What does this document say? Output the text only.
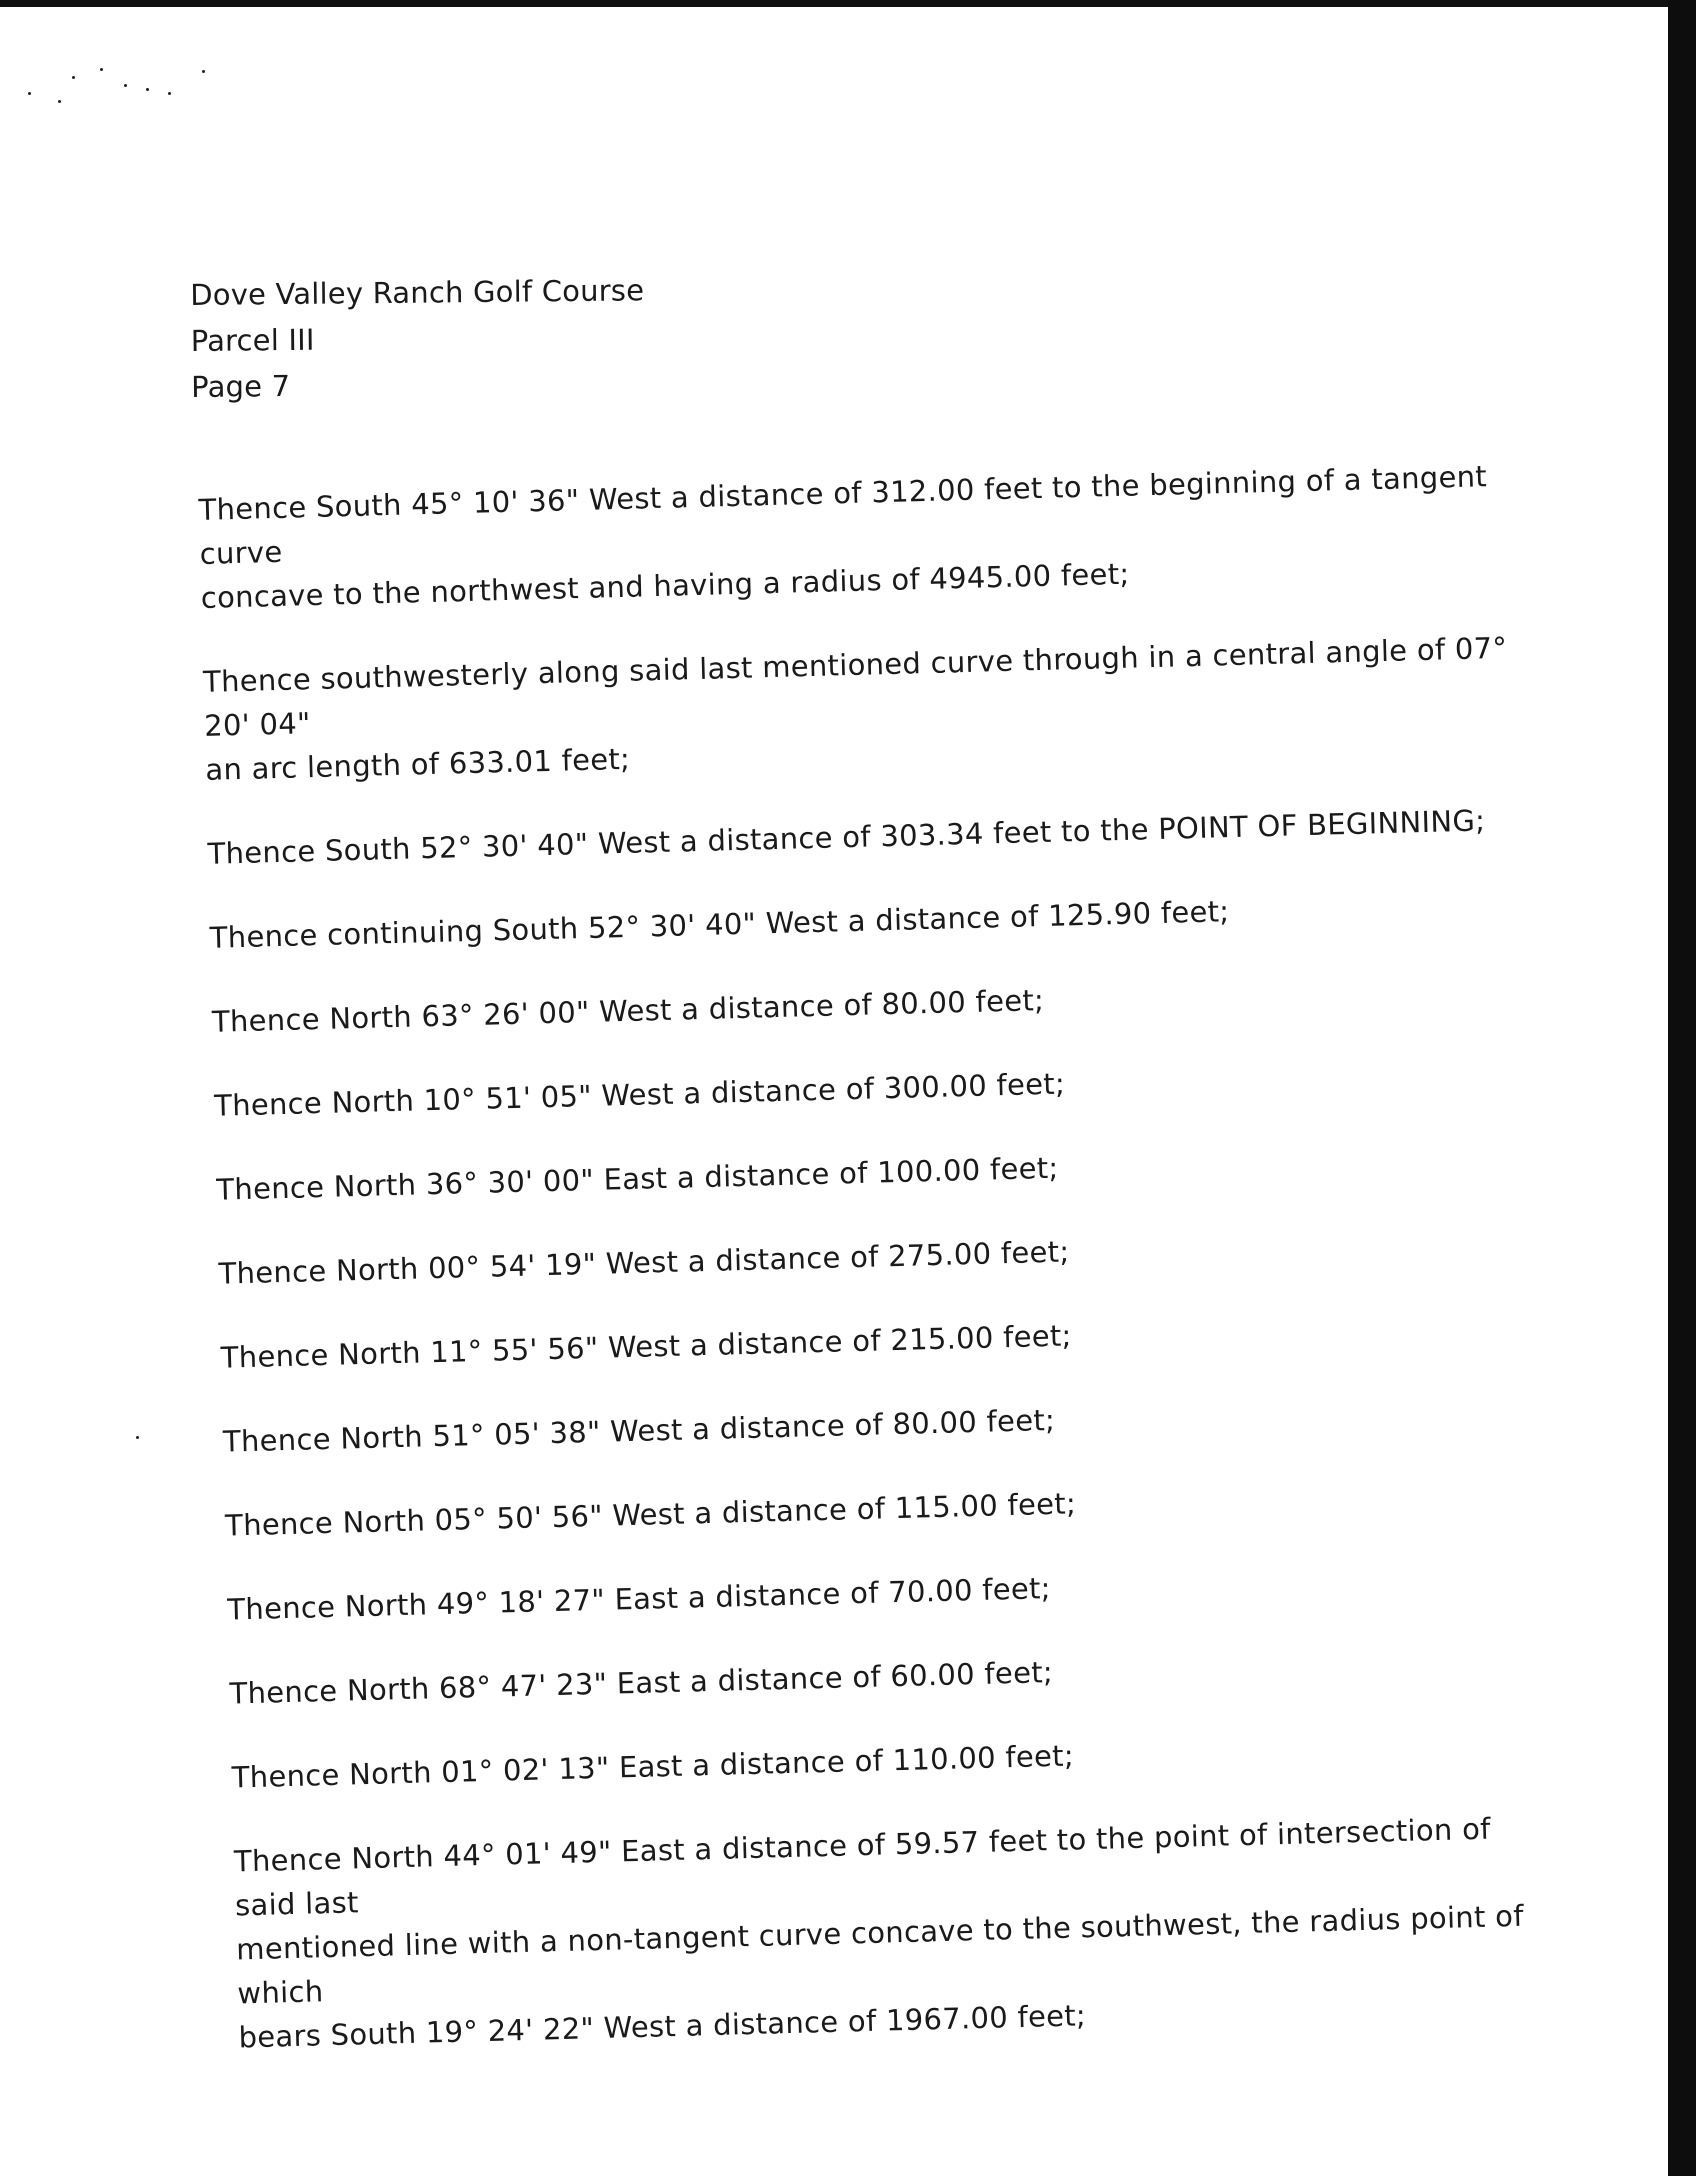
Dove Valley Ranch Golf Course
Parcel III
Page 7

Thence South 45° 10' 36" West a distance of 312.00 feet to the beginning of a tangent curve
concave to the northwest and having a radius of 4945.00 feet;

Thence southwesterly along said last mentioned curve through in a central angle of 07° 20' 04"
an arc length of 633.01 feet;

Thence South 52° 30' 40" West a distance of 303.34 feet to the POINT OF BEGINNING;

Thence continuing South 52° 30' 40" West a distance of 125.90 feet;

Thence North 63° 26' 00" West a distance of 80.00 feet;

Thence North 10° 51' 05" West a distance of 300.00 feet;

Thence North 36° 30' 00" East a distance of 100.00 feet;

Thence North 00° 54' 19" West a distance of 275.00 feet;

Thence North 11° 55' 56" West a distance of 215.00 feet;

Thence North 51° 05' 38" West a distance of 80.00 feet;

Thence North 05° 50' 56" West a distance of 115.00 feet;

Thence North 49° 18' 27" East a distance of 70.00 feet;

Thence North 68° 47' 23" East a distance of 60.00 feet;

Thence North 01° 02' 13" East a distance of 110.00 feet;

Thence North 44° 01' 49" East a distance of 59.57 feet to the point of intersection of said last
mentioned line with a non-tangent curve concave to the southwest, the radius point of which
bears South 19° 24' 22" West a distance of 1967.00 feet;
